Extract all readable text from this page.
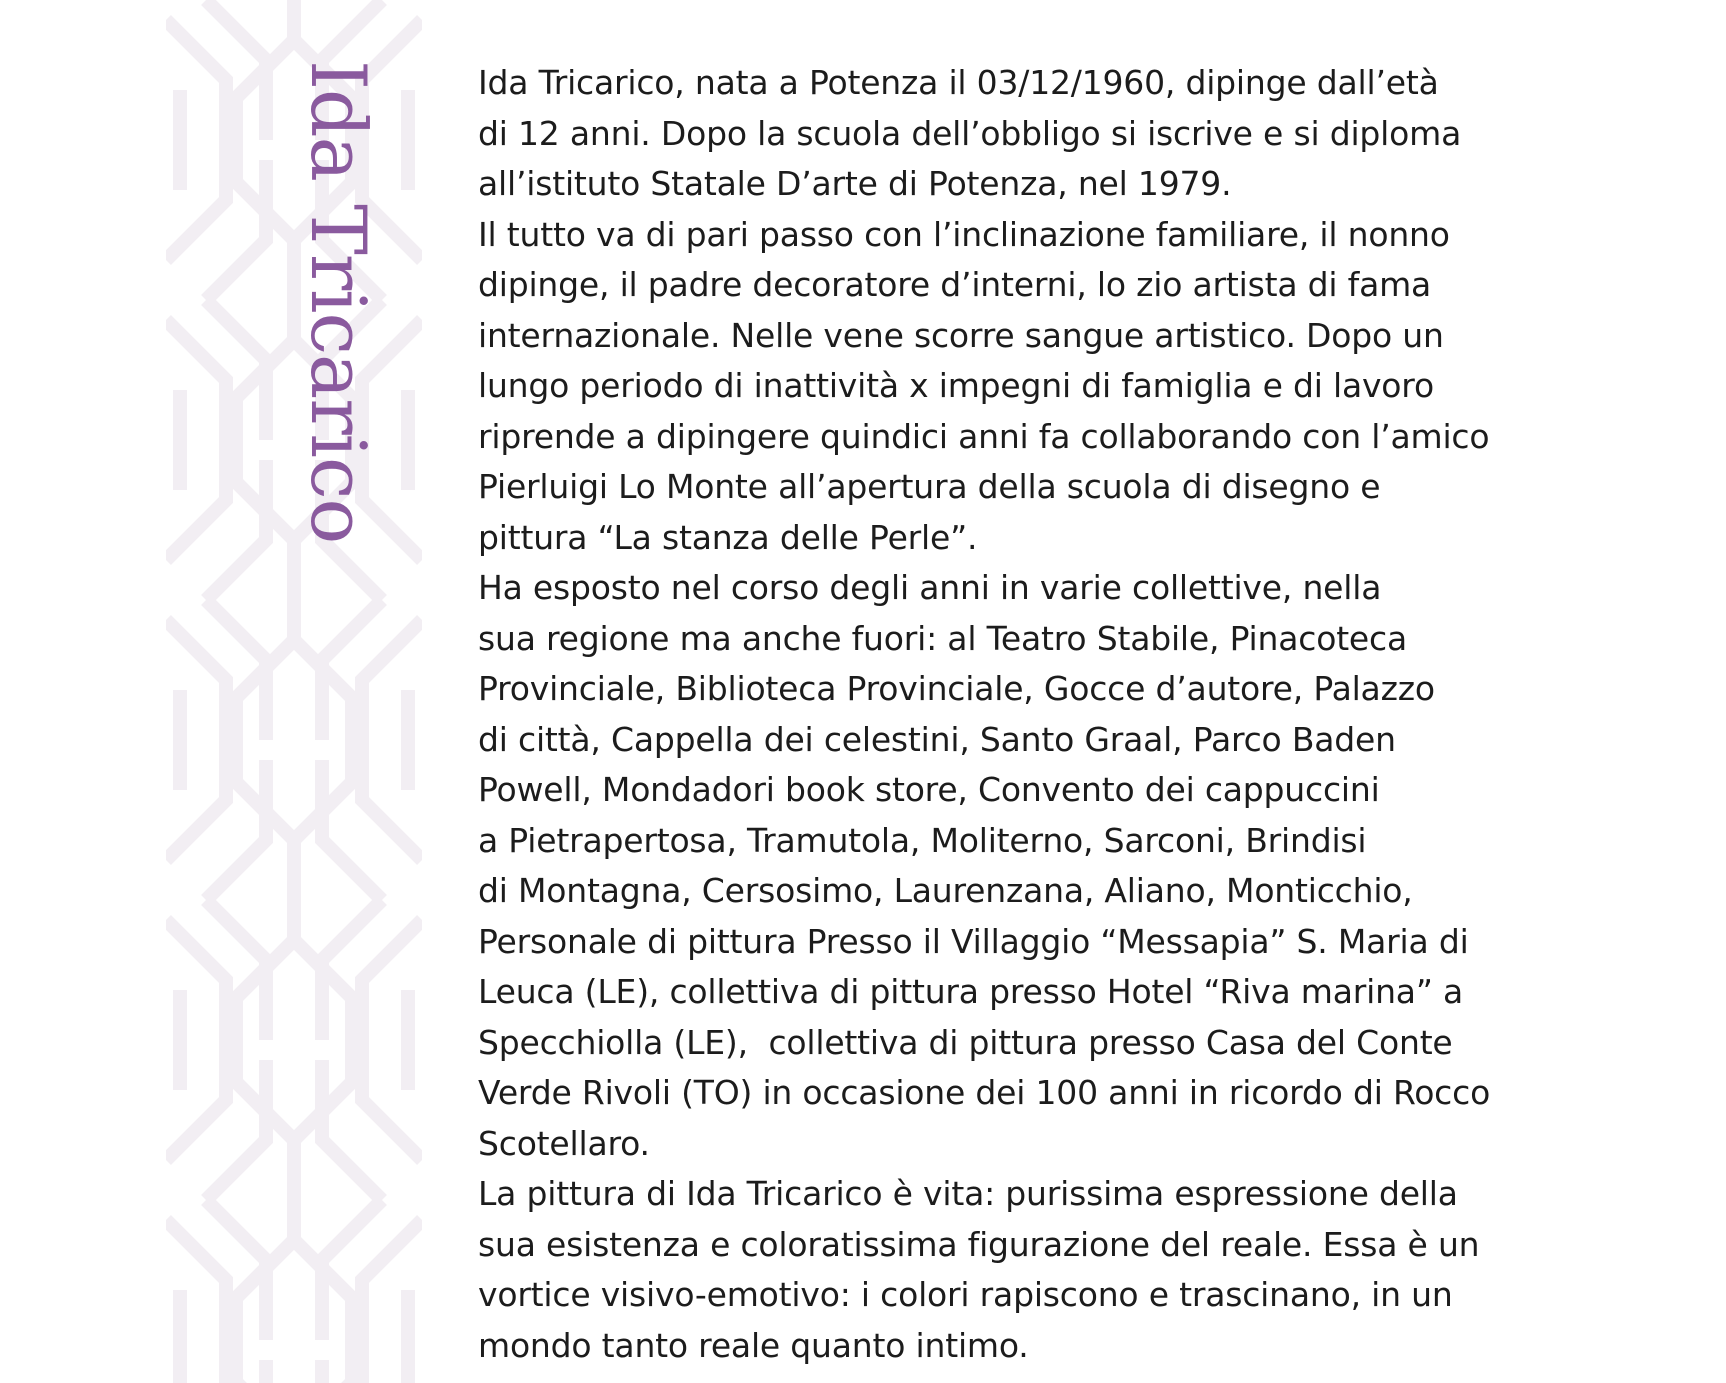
Ida Tricarico	Ida Tricarico, nata a Potenza il 03/12/1960, dipinge dall’età
di 12 anni. Dopo la scuola dell’obbligo si iscrive e si diploma
all’istituto Statale D’arte di Potenza, nel 1979.
Il tutto va di pari passo con l’inclinazione familiare, il nonno
dipinge, il padre decoratore d’interni, lo zio artista di fama
internazionale. Nelle vene scorre sangue artistico. Dopo un
lungo periodo di inattività x impegni di famiglia e di lavoro
riprende a dipingere quindici anni fa collaborando con l’amico
Pierluigi Lo Monte all’apertura della scuola di disegno e
pittura “La stanza delle Perle”.
Ha esposto nel corso degli anni in varie collettive, nella
sua regione ma anche fuori: al Teatro Stabile, Pinacoteca
Provinciale, Biblioteca Provinciale, Gocce d’autore, Palazzo
di città, Cappella dei celestini, Santo Graal, Parco Baden
Powell, Mondadori book store, Convento dei cappuccini
a Pietrapertosa, Tramutola, Moliterno, Sarconi, Brindisi
di Montagna, Cersosimo, Laurenzana, Aliano, Monticchio,
Personale di pittura Presso il Villaggio “Messapia” S. Maria di
Leuca (LE), collettiva di pittura presso Hotel “Riva marina” a
Specchiolla (LE),  collettiva di pittura presso Casa del Conte
Verde Rivoli (TO) in occasione dei 100 anni in ricordo di Rocco
Scotellaro.
La pittura di Ida Tricarico è vita: purissima espressione della
sua esistenza e coloratissima figurazione del reale. Essa è un
vortice visivo-emotivo: i colori rapiscono e trascinano, in un
mondo tanto reale quanto intimo.
